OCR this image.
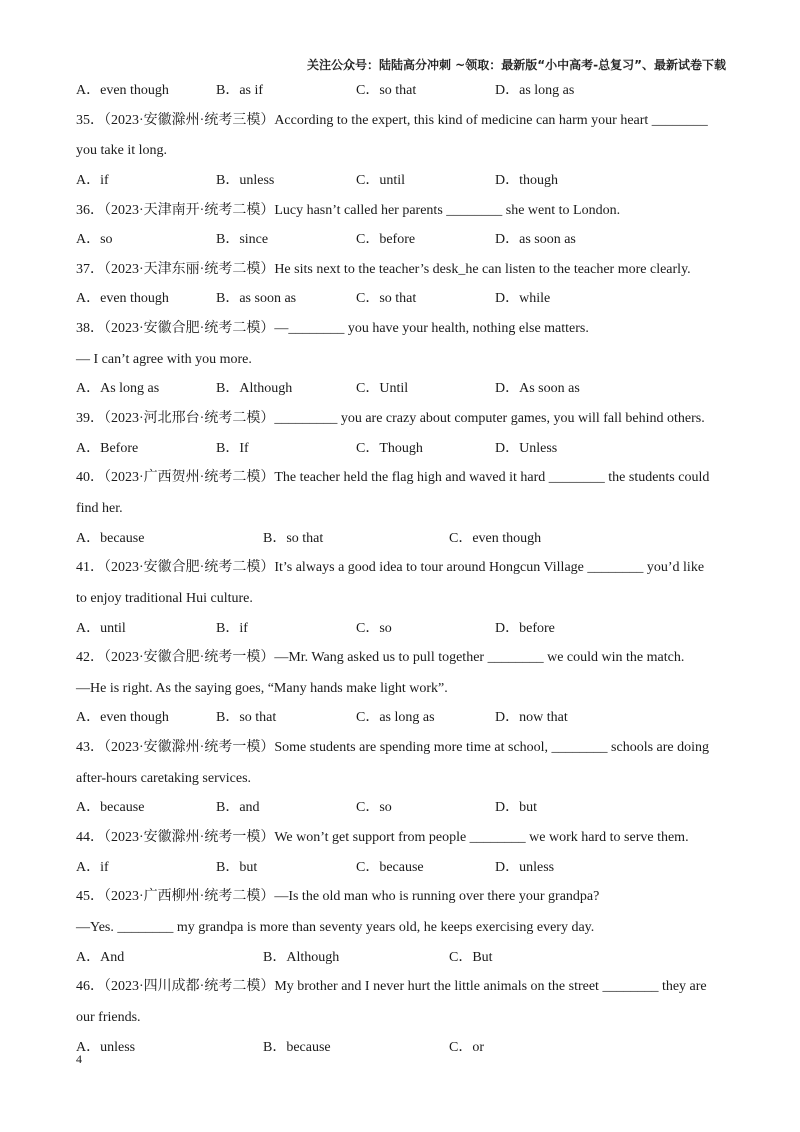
关注公众号：陆陆高分冲刺 ~领取：最新版“小中高考-总复习”、最新试卷下载
A．even though	B．as if	C．so that	D．as long as
35．（2023·安徽滁州·统考三模）According to the expert, this kind of medicine can harm your heart ________
you take it long.
A．if	B．unless	C．until	D．though
36．（2023·天津南开·统考二模）Lucy hasn’t called her parents ________ she went to London.
A．so	B．since	C．before	D．as soon as
37．（2023·天津东丽·统考二模）He sits next to the teacher’s desk_he can listen to the teacher more clearly.
A．even though	B．as soon as	C．so that	D．while
38．（2023·安徽合肥·统考二模）—________ you have your health, nothing else matters.
— I can’t agree with you more.
A．As long as	B．Although	C．Until	D．As soon as
39．（2023·河北邢台·统考二模）_________ you are crazy about computer games, you will fall behind others.
A．Before	B．If	C．Though	D．Unless
40．（2023·广西贺州·统考二模）The teacher held the flag high and waved it hard ________ the students could
find her.
A．because	B．so that	C．even though
41．（2023·安徽合肥·统考二模）It’s always a good idea to tour around Hongcun Village ________ you’d like
to enjoy traditional Hui culture.
A．until	B．if	C．so	D．before
42．（2023·安徽合肥·统考一模）—Mr. Wang asked us to pull together ________ we could win the match.
—He is right. As the saying goes, “Many hands make light work”.
A．even though	B．so that	C．as long as	D．now that
43．（2023·安徽滁州·统考一模）Some students are spending more time at school, ________ schools are doing
after-hours caretaking services.
A．because	B．and	C．so	D．but
44．（2023·安徽滁州·统考一模）We won’t get support from people ________ we work hard to serve them.
A．if	B．but	C．because	D．unless
45．（2023·广西柳州·统考二模）—Is the old man who is running over there your grandpa?
—Yes. ________ my grandpa is more than seventy years old, he keeps exercising every day.
A．And	B．Although	C．But
46．（2023·四川成都·统考二模）My brother and I never hurt the little animals on the street ________ they are
our friends.
A．unless	B．because	C．or
4
